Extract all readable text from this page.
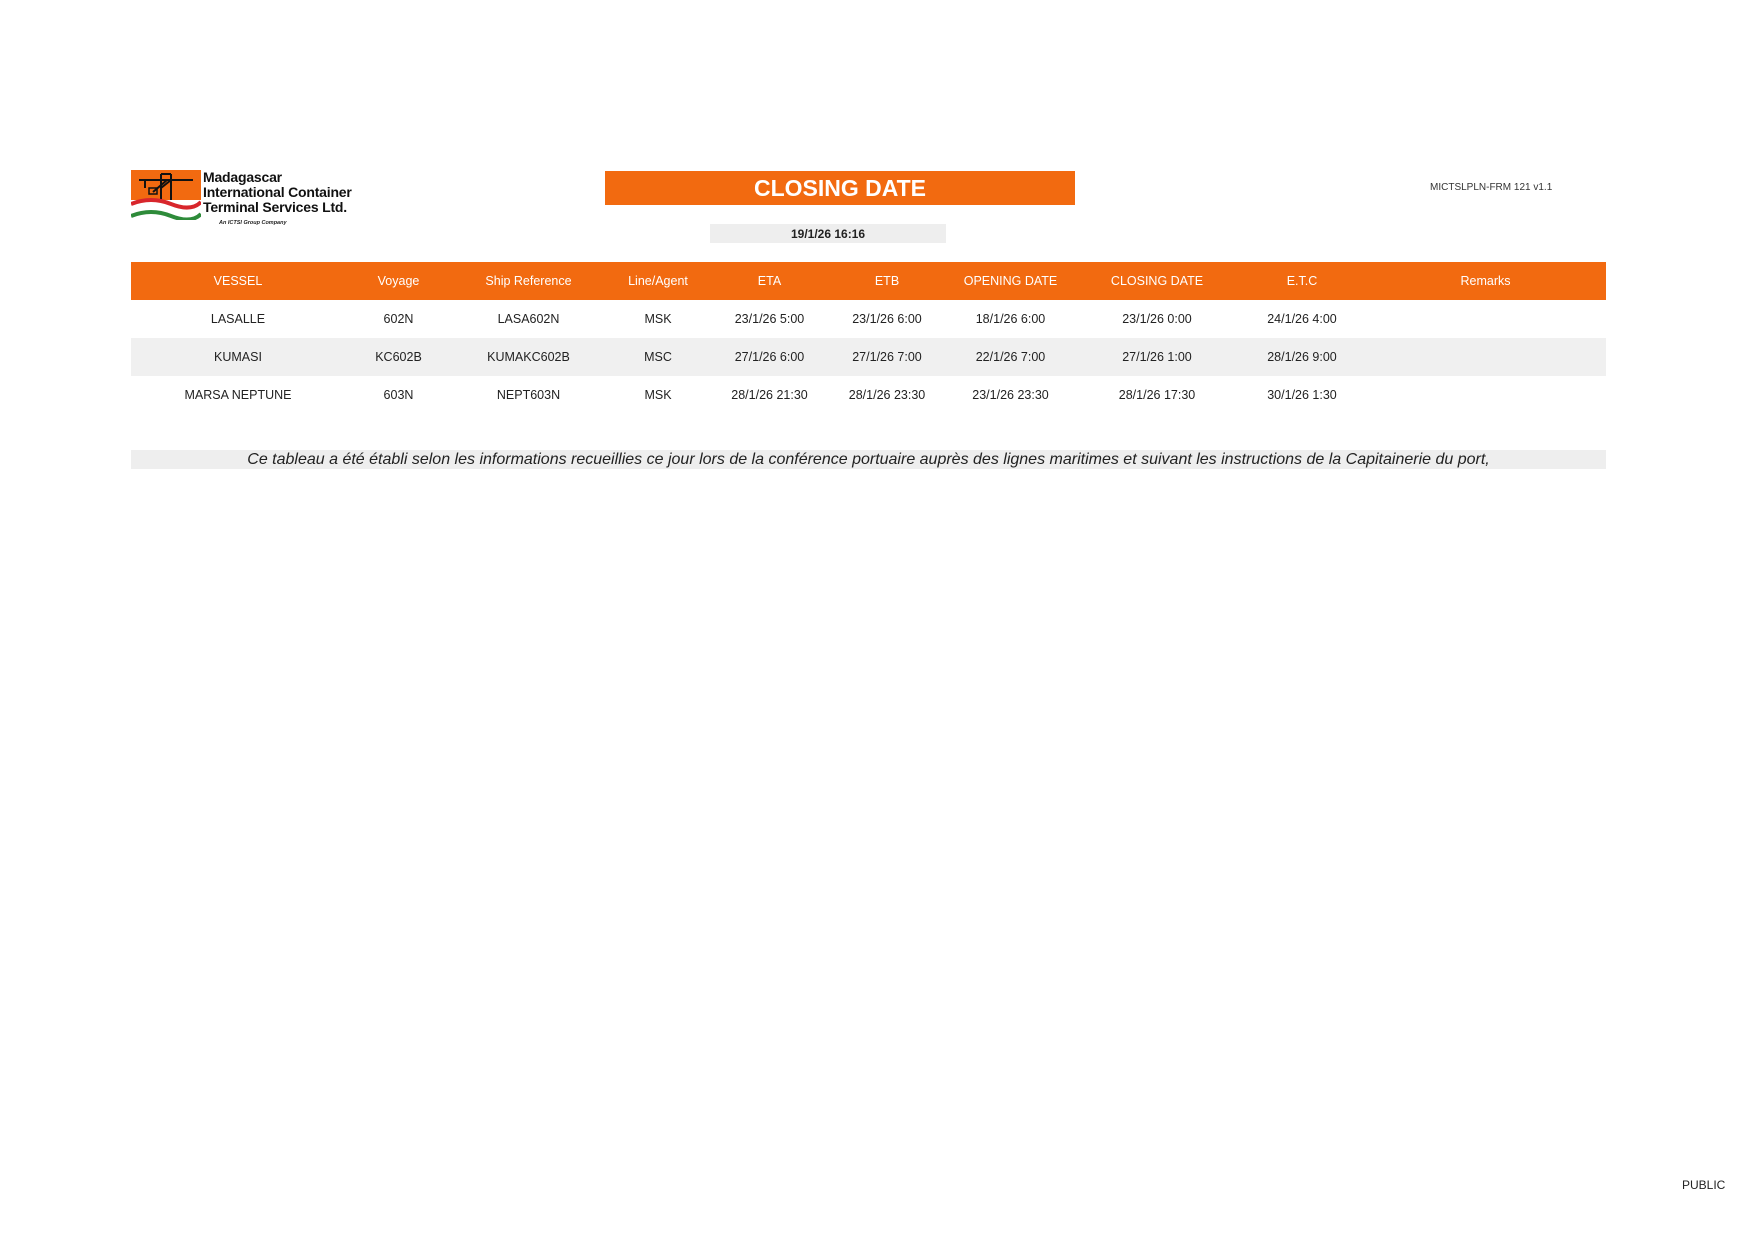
Madagascar
International Container
Terminal Services Ltd.
An ICTSI Group Company
CLOSING DATE
19/1/26 16:16
MICTSLPLN-FRM 121 v1.1
VESSEL	Voyage	Ship Reference	Line/Agent	ETA	ETB	OPENING DATE	CLOSING DATE	E.T.C	Remarks
LASALLE	602N	LASA602N	MSK	23/1/26 5:00	23/1/26 6:00	18/1/26 6:00	23/1/26 0:00	24/1/26 4:00
KUMASI	KC602B	KUMAKC602B	MSC	27/1/26 6:00	27/1/26 7:00	22/1/26 7:00	27/1/26 1:00	28/1/26 9:00
MARSA NEPTUNE	603N	NEPT603N	MSK	28/1/26 21:30	28/1/26 23:30	23/1/26 23:30	28/1/26 17:30	30/1/26 1:30
Ce tableau a été établi selon les informations recueillies ce jour lors de la conférence portuaire auprès des lignes maritimes et suivant les instructions de la Capitainerie du port,
PUBLIC
